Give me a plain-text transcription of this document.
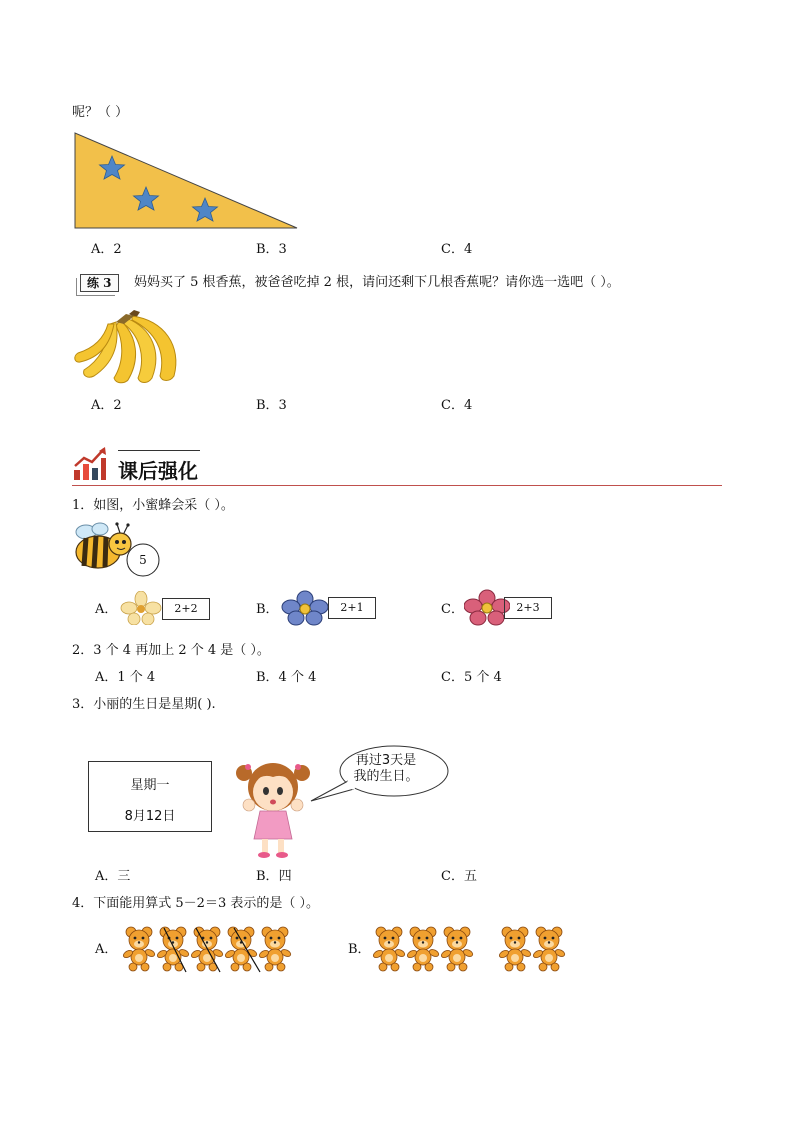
呢？（ ）
A．2	B．3	C．4
练 3	妈妈买了 5 根香蕉，被爸爸吃掉 2 根，请问还剩下几根香蕉呢？请你选一选吧（ ）。
A．2	B．3	C．4
课后强化
1．如图，小蜜蜂会采（ ）。
5
A．	2+2	B．	2+1	C．	2+3
2．3 个 4 再加上 2 个 4 是（ ）。
A．1 个 4	B．4 个 4	C．5 个 4
3．小丽的生日是星期( ).
星期一
8月12日
再过3天是
我的生日。
A．三	B．四	C．五
4．下面能用算式 5－2＝3 表示的是（ ）。
A．	B．
